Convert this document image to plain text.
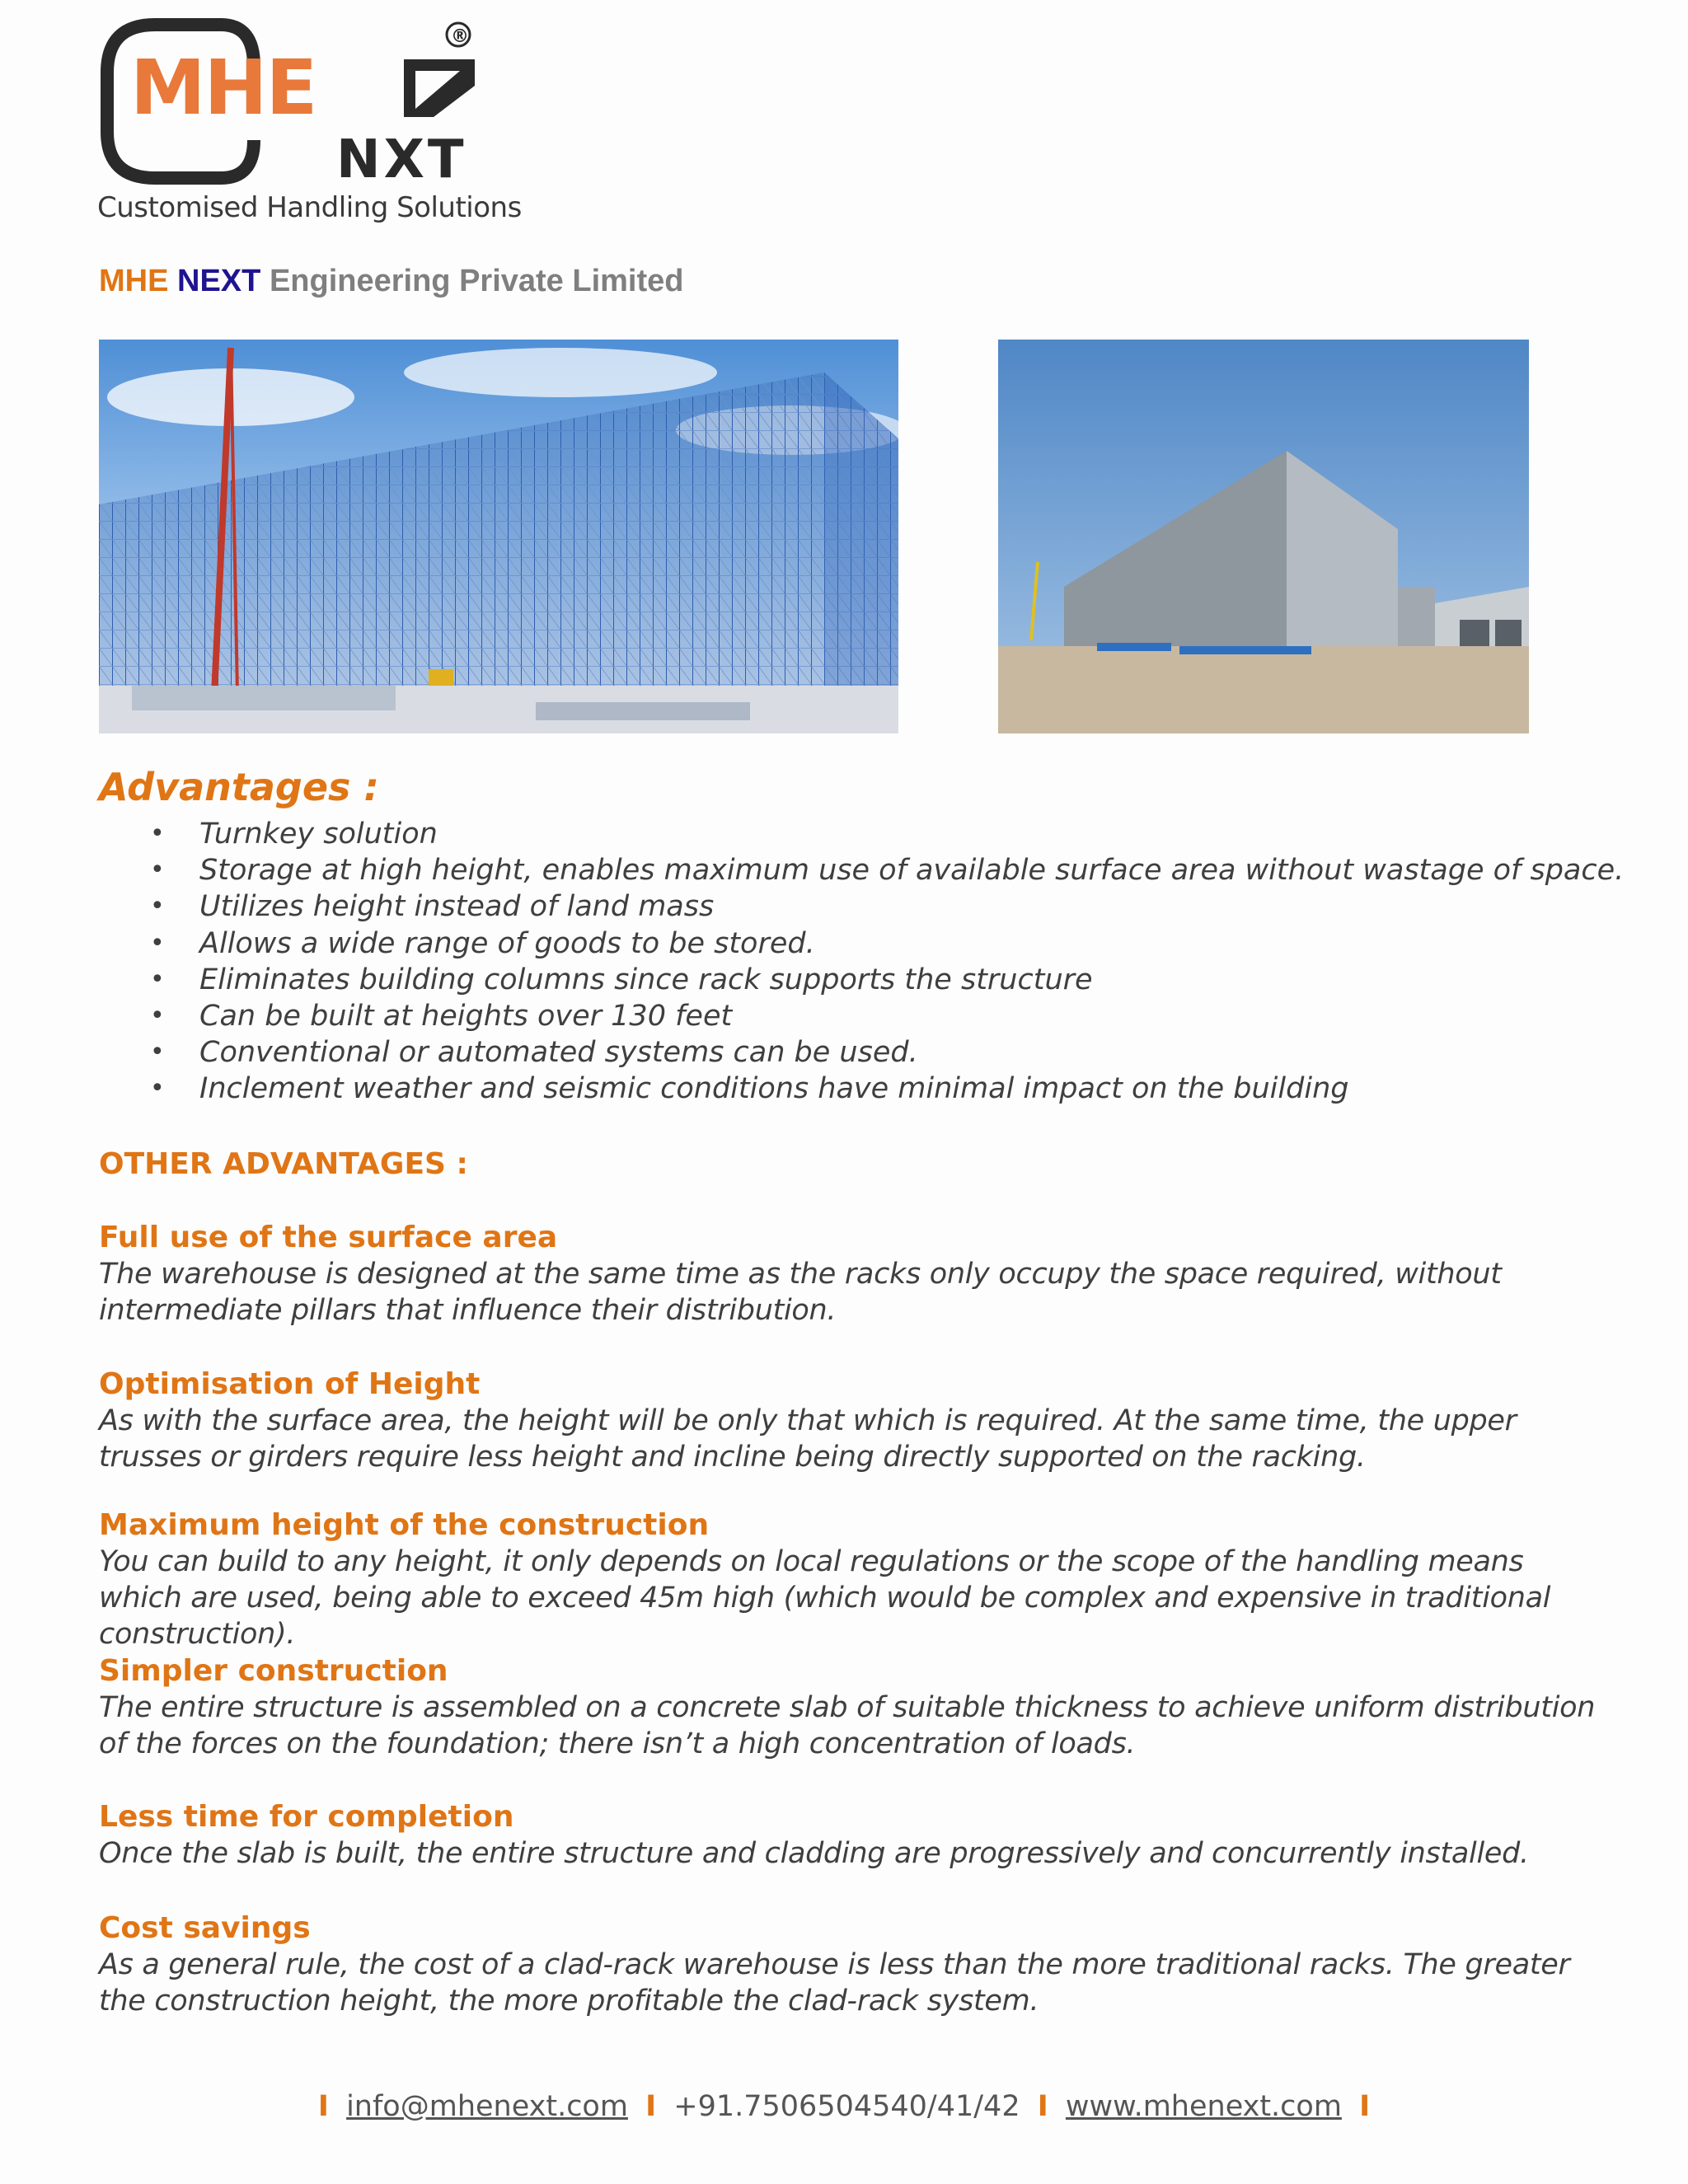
MHE
®
NXT
Customised Handling Solutions
MHE NEXT Engineering Private Limited
Advantages :
• Turnkey solution
• Storage at high height, enables maximum use of available surface area without wastage of space.
• Utilizes height instead of land mass
• Allows a wide range of goods to be stored.
• Eliminates building columns since rack supports the structure
• Can be built at heights over 130 feet
• Conventional or automated systems can be used.
• Inclement weather and seismic conditions have minimal impact on the building
OTHER ADVANTAGES :
Full use of the surface area
The warehouse is designed at the same time as the racks only occupy the space required, without intermediate pillars that influence their distribution.
Optimisation of Height
As with the surface area, the height will be only that which is required. At the same time, the upper trusses or girders require less height and incline being directly supported on the racking.
Maximum height of the construction
You can build to any height, it only depends on local regulations or the scope of the handling means which are used, being able to exceed 45m high (which would be complex and expensive in traditional construction).
Simpler construction
The entire structure is assembled on a concrete slab of suitable thickness to achieve uniform distribution of the forces on the foundation; there isn’t a high concentration of loads.
Less time for completion
Once the slab is built, the entire structure and cladding are progressively and concurrently installed.
Cost savings
As a general rule, the cost of a clad-rack warehouse is less than the more traditional racks. The greater the construction height, the more profitable the clad-rack system.
I info@mhenext.com I +91.7506504540/41/42 I www.mhenext.com I
